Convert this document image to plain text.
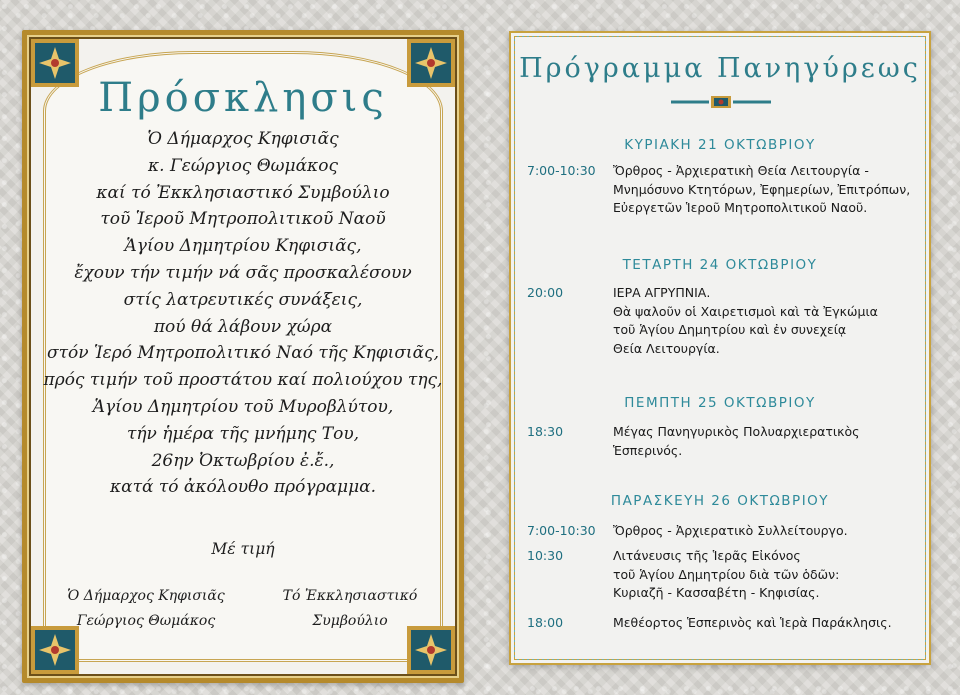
Πρόσκλησις
Ὁ Δήμαρχος Κηφισιᾶς
κ. Γεώργιος Θωμάκος
καί τό Ἐκκλησιαστικό Συμβούλιο
τοῦ Ἱεροῦ Μητροπολιτικοῦ Ναοῦ
Ἁγίου Δημητρίου Κηφισιᾶς,
ἔχουν τήν τιμήν νά σᾶς προσκαλέσουν
στίς λατρευτικές συνάξεις,
πού θά λάβουν χώρα
στόν Ἱερό Μητροπολιτικό Ναό τῆς Κηφισιᾶς,
πρός τιμήν τοῦ προστάτου καί πολιούχου της,
Ἁγίου Δημητρίου τοῦ Μυροβλύτου,
τήν ἡμέρα τῆς μνήμης Του,
26ην Ὀκτωβρίου ἐ.ἔ.,
κατά τό ἀκόλουθο πρόγραμμα.
Μέ τιμή
Ὁ Δήμαρχος Κηφισιᾶς
Γεώργιος Θωμάκος
Τό Ἐκκλησιαστικό
Συμβούλιο
Πρόγραμμα Πανηγύρεως
ΚΥΡΙΑΚΗ 21 ΟΚΤΩΒΡΙΟΥ
7:00-10:30 Ὄρθρος - Ἀρχιερατικὴ Θεία Λειτουργία -
Μνημόσυνο Κτητόρων, Ἐφημερίων, Ἐπιτρόπων,
Εὐεργετῶν Ἱεροῦ Μητροπολιτικοῦ Ναοῦ.
ΤΕΤΑΡΤΗ 24 ΟΚΤΩΒΡΙΟΥ
20:00	ΙΕΡΑ ΑΓΡΥΠΝΙΑ.
Θὰ ψαλοῦν οἱ Χαιρετισμοὶ καὶ τὰ Ἐγκώμια
τοῦ Ἁγίου Δημητρίου καὶ ἐν συνεχείᾳ
Θεία Λειτουργία.
ΠΕΜΠΤΗ 25 ΟΚΤΩΒΡΙΟΥ
18:30	Μέγας Πανηγυρικὸς Πολυαρχιερατικὸς
Ἑσπερινός.
ΠΑΡΑΣΚΕΥΗ 26 ΟΚΤΩΒΡΙΟΥ
7:00-10:30 Ὄρθρος - Ἀρχιερατικὸ Συλλείτουργο.
10:30	Λιτάνευσις τῆς Ἱερᾶς Εἰκόνος
τοῦ Ἁγίου Δημητρίου διὰ τῶν ὁδῶν:
Κυριαζῆ - Κασσαβέτη - Κηφισίας.
18:00	Μεθέορτος Ἑσπερινὸς καὶ Ἱερὰ Παράκλησις.
